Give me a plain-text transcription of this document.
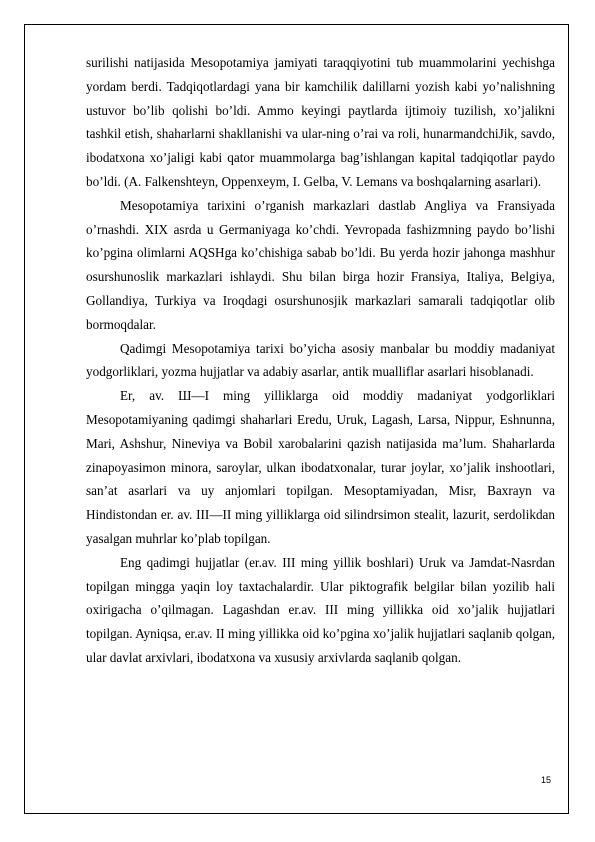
surilishi natijasida Mesopotamiya jamiyati taraqqiyotini tub muammolarini yechishga yordam berdi. Tadqiqotlardagi yana bir kamchilik dalillarni yozish kabi yo’nalishning ustuvor bo’lib qolishi bo’ldi. Ammo keyingi paytlarda ijtimoiy tuzilish, xo’jalikni tashkil etish, shaharlarni shakllanishi va ular-ning o’rai va roli, hunarmandchiJik, savdo, ibodatxona xo’jaligi kabi qator muammolarga bag’ishlangan kapital tadqiqotlar paydo bo’ldi. (A. Falkenshteyn, Oppenxeym, I. Gelba, V. Lemans va boshqalarning asarlari).

Mesopotamiya tarixini o’rganish markazlari dastlab Angliya va Fransiyada o’rnashdi. XIX asrda u Germaniyaga ko’chdi. Yevropada fashizmning paydo bo’lishi ko’pgina olimlarni AQSHga ko’chishiga sabab bo’ldi. Bu yerda hozir jahonga mashhur osurshunoslik markazlari ishlaydi. Shu bilan birga hozir Fransiya, Italiya, Belgiya, Gollandiya, Turkiya va Iroqdagi osurshunosjik markazlari samarali tadqiqotlar olib bormoqdalar.

Qadimgi Mesopotamiya tarixi bo’yicha asosiy manbalar bu moddiy madaniyat yodgorliklari, yozma hujjatlar va adabiy asarlar, antik mualliflar asarlari hisoblanadi.

Er, av. Ш—I ming yilliklarga oid moddiy madaniyat yodgorliklari Mesopotamiyaning qadimgi shaharlari Eredu, Uruk, Lagash, Larsa, Nippur, Eshnunna, Mari, Ashshur, Nineviya va Bobil xarobalarini qazish natijasida ma’lum. Shaharlarda zinapoyasimon minora, saroylar, ulkan ibodatxonalar, turar joylar, xo’jalik inshootlari, san’at asarlari va uy anjomlari topilgan. Mesoptamiyadan, Misr, Baxrayn va Hindistondan er. av. III—II ming yilliklarga oid silindrsimon stealit, lazurit, serdolikdan yasalgan muhrlar ko’plab topilgan.

Eng qadimgi hujjatlar (er.av. III ming yillik boshlari) Uruk va Jamdat-Nasrdan topilgan mingga yaqin loy taxtachalardir. Ular piktografik belgilar bilan yozilib hali oxirigacha o’qilmagan. Lagashdan er.av. III ming yillikka oid xo’jalik hujjatlari topilgan. Ayniqsa, er.av. II ming yillikka oid ko’pgina xo’jalik hujjatlari saqlanib qolgan, ular davlat arxivlari, ibodatxona va xususiy arxivlarda saqlanib qolgan.

15
